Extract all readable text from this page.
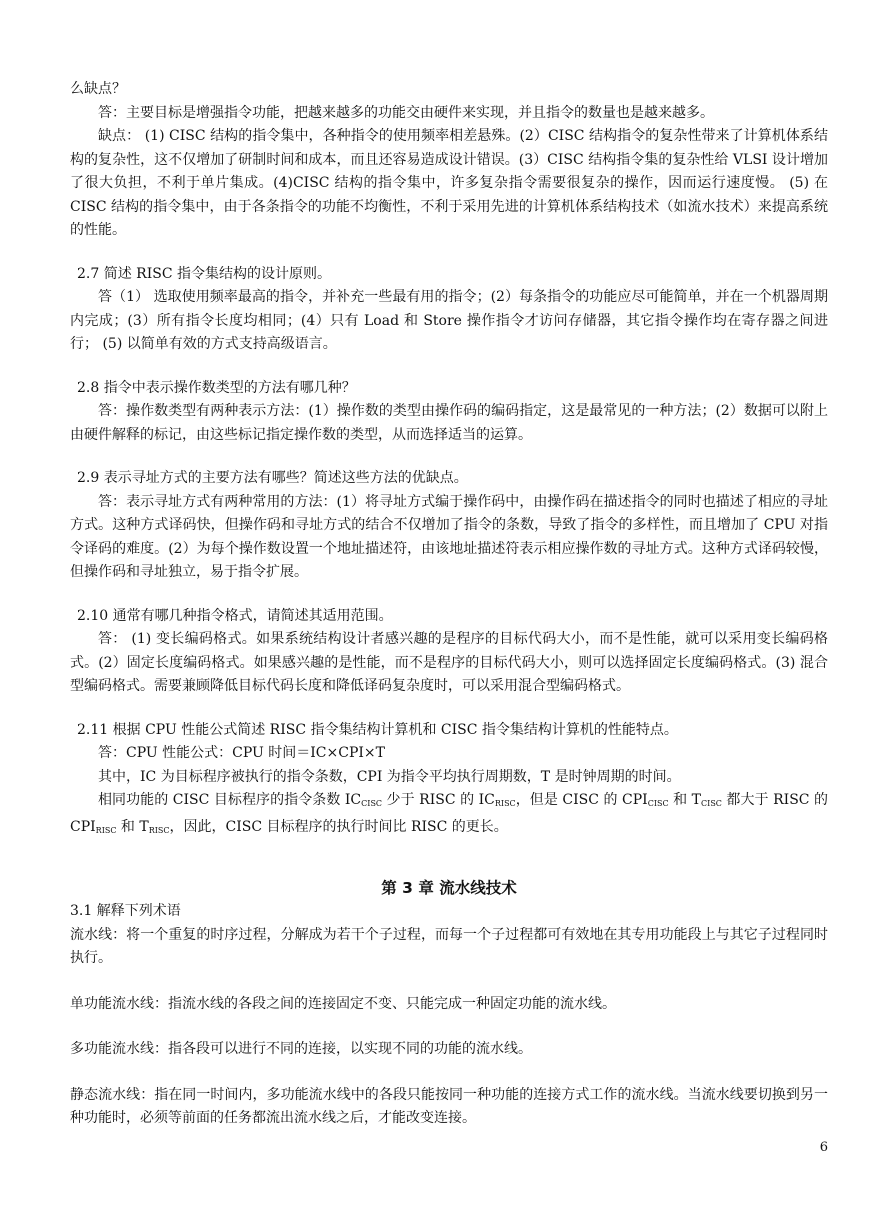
么缺点？

答：主要目标是增强指令功能，把越来越多的功能交由硬件来实现，并且指令的数量也是越来越多。

缺点： (1) CISC 结构的指令集中，各种指令的使用频率相差悬殊。(2）CISC 结构指令的复杂性带来了计算机体系结构的复杂性，这不仅增加了研制时间和成本，而且还容易造成设计错误。(3）CISC 结构指令集的复杂性给 VLSI 设计增加了很大负担，不利于单片集成。(4)CISC 结构的指令集中，许多复杂指令需要很复杂的操作，因而运行速度慢。 (5) 在 CISC 结构的指令集中，由于各条指令的功能不均衡性，不利于采用先进的计算机体系结构技术（如流水技术）来提高系统的性能。

2.7 简述 RISC 指令集结构的设计原则。

答（1） 选取使用频率最高的指令，并补充一些最有用的指令；(2）每条指令的功能应尽可能简单，并在一个机器周期内完成；(3）所有指令长度均相同；(4）只有 Load 和 Store 操作指令才访问存储器，其它指令操作均在寄存器之间进行； (5) 以简单有效的方式支持高级语言。

2.8 指令中表示操作数类型的方法有哪几种？

答：操作数类型有两种表示方法：(1）操作数的类型由操作码的编码指定，这是最常见的一种方法；(2）数据可以附上由硬件解释的标记，由这些标记指定操作数的类型，从而选择适当的运算。

2.9 表示寻址方式的主要方法有哪些？简述这些方法的优缺点。

答：表示寻址方式有两种常用的方法：(1）将寻址方式编于操作码中，由操作码在描述指令的同时也描述了相应的寻址方式。这种方式译码快，但操作码和寻址方式的结合不仅增加了指令的条数，导致了指令的多样性，而且增加了 CPU 对指令译码的难度。(2）为每个操作数设置一个地址描述符，由该地址描述符表示相应操作数的寻址方式。这种方式译码较慢，但操作码和寻址独立，易于指令扩展。

2.10 通常有哪几种指令格式，请简述其适用范围。

答： (1) 变长编码格式。如果系统结构设计者感兴趣的是程序的目标代码大小，而不是性能，就可以采用变长编码格式。(2）固定长度编码格式。如果感兴趣的是性能，而不是程序的目标代码大小，则可以选择固定长度编码格式。(3) 混合型编码格式。需要兼顾降低目标代码长度和降低译码复杂度时，可以采用混合型编码格式。

2.11 根据 CPU 性能公式简述 RISC 指令集结构计算机和 CISC 指令集结构计算机的性能特点。

答：CPU 性能公式：CPU 时间＝IC×CPI×T

其中，IC 为目标程序被执行的指令条数，CPI 为指令平均执行周期数，T 是时钟周期的时间。

相同功能的 CISC 目标程序的指令条数 $IC_{CISC}$ 少于 RISC 的 $IC_{RISC}$，但是 CISC 的 $CPI_{CISC}$ 和 $T_{CISC}$ 都大于 RISC 的 $CPI_{RISC}$ 和 $T_{RISC}$，因此，CISC 目标程序的执行时间比 RISC 的更长。

第 3 章 流水线技术

3.1 解释下列术语

流水线：将一个重复的时序过程，分解成为若干个子过程，而每一个子过程都可有效地在其专用功能段上与其它子过程同时执行。

单功能流水线：指流水线的各段之间的连接固定不变、只能完成一种固定功能的流水线。

多功能流水线：指各段可以进行不同的连接，以实现不同的功能的流水线。

静态流水线：指在同一时间内，多功能流水线中的各段只能按同一种功能的连接方式工作的流水线。当流水线要切换到另一种功能时，必须等前面的任务都流出流水线之后，才能改变连接。

6
